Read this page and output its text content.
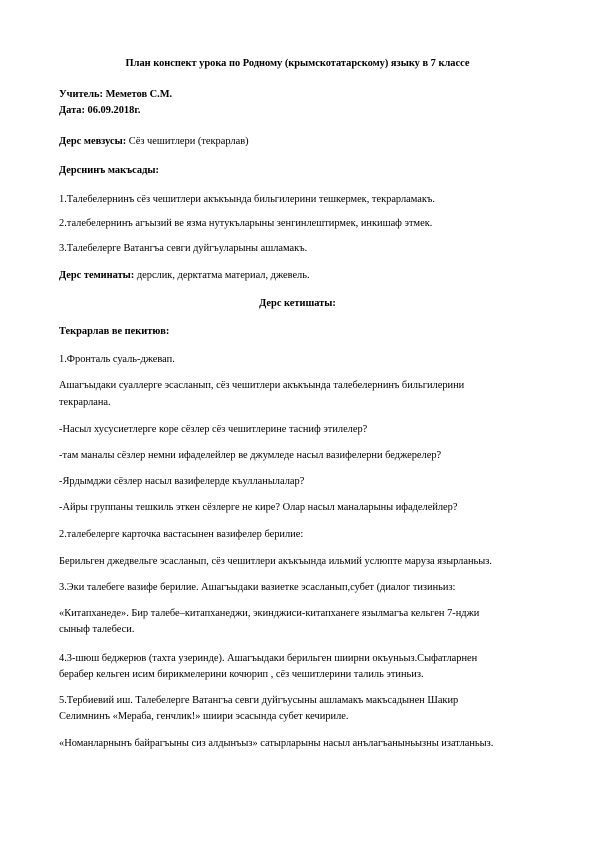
План конспект урока по Родному (крымскотатарскому) языку в 7 классе
Учитель: Меметов С.М.
Дата: 06.09.2018г.
Дерс мевзусы: Сёз чешитлери (текрарлав)
Дерснинъ макъсады:
1.Талебелернинъ сёз чешитлери акъкъында бильгилерини тешкермек, текрарламакъ.
2.талебелернинъ агъызий ве язма нутукъларыны зенгинлештирмек, инкишаф этмек.
3.Талебелерге Ватангъа севги дуйгъуларыны ашламакъ.
Дерс теминаты: дерслик, дерктатма материал, джевель.
Дерс кетишаты:
Текрарлав ве пекитюв:
1.Фронталь суаль-джевап.
Ашагъыдаки суаллерге эсасланып, сёз чешитлери акъкъында талебелернинъ бильгилерини
текрарлана.
-Насыл хусусиетлерге коре сёзлер сёз чешитлерине тасниф этилелер?
-там маналы сёзлер немни ифаделейлер ве джумледе насыл вазифелерни беджерелер?
-Ярдымджи сёзлер насыл вазифелерде къулланылалар?
-Айры группаны тешкиль эткен сёзлерге не кире? Олар насыл маналарыны ифаделейлер?
2.талебелерге карточка вастасынен вазифелер берилие:
Берильген джедвельге эсасланып, сёз чешитлери акъкъында ильмий услюпте маруза язырланьыз.
3.Эки талебеге вазифе берилие. Ашагъыдаки вазиетке эсасланып,субет (диалог тизиньиз:
«Китапханеде». Бир талебе–китапханеджи, экинджиси-китапханеге язылмагъа кельген 7-нджи
сыныф талебеси.
4.3-шюш беджерюв (тахта узеринде). Ашагъыдаки берильген шиирни окъуньыз.Сыфатларнен
берабер кельген исим бирикмелерини кочюрип , сёз чешитлерини талиль этиньиз.
5.Тербиевий иш. Талебелерге Ватангъа севги дуйгъусыны ашламакъ макъсадынен Шакир
Селимнинъ «Мераба, генчлик!» шиири эсасында субет кечириле.
«Номанларнынъ байрагъыны сиз алдынъыз» сатырларыны насыл анълагъаныньызны изатланьыз.
